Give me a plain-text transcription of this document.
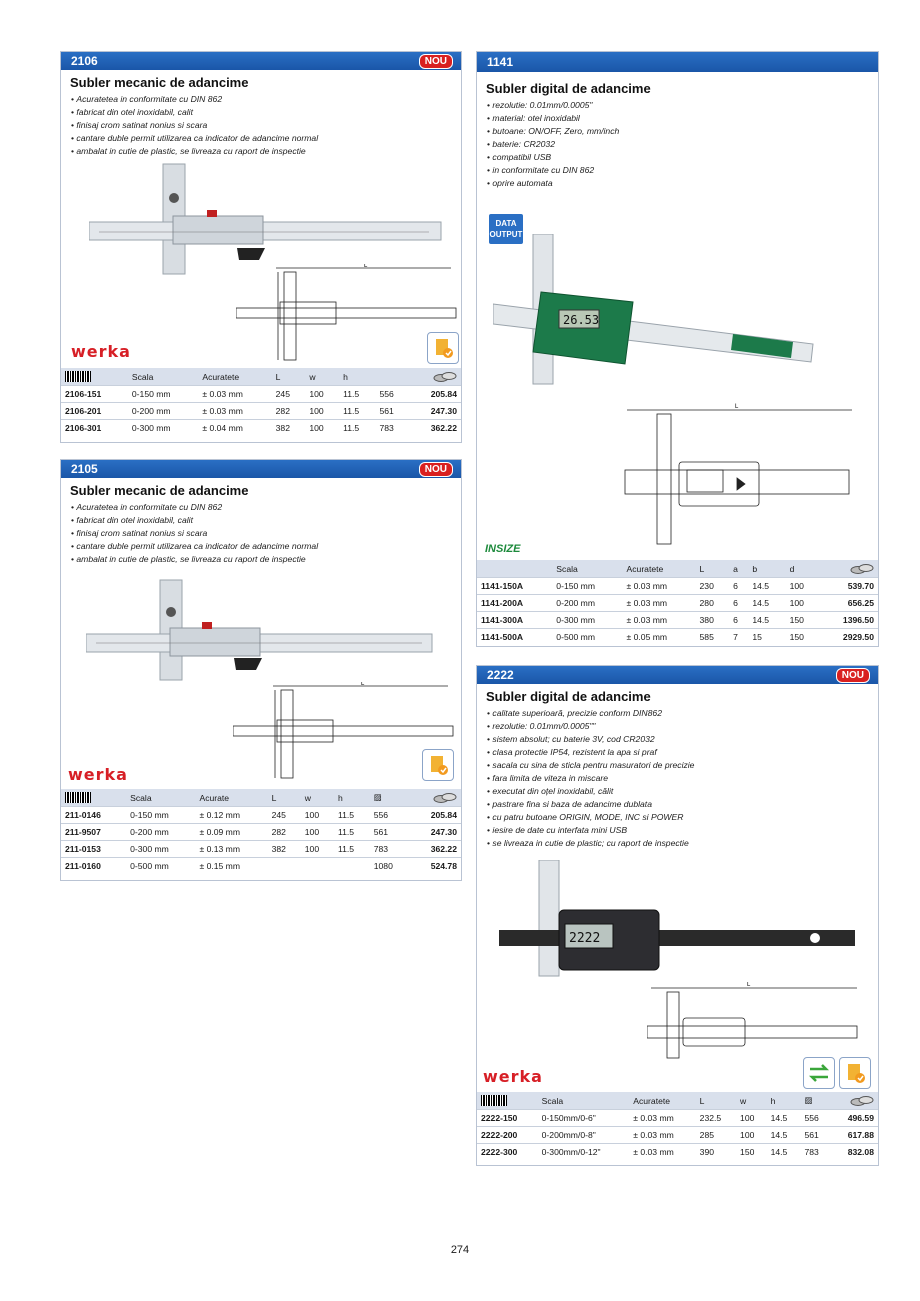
2106	NOU
Subler mecanic de adancime
• Acuratetea in conformitate cu DIN 862
• fabricat din otel inoxidabil, calit
• finisaj crom satinat nonius si scara
• cantare duble permit utilizarea ca indicator de adancime normal
• ambalat in cutie de plastic, se livreaza cu raport de inspectie
L
werka
	Scala	Acuratete	L	w	h		
2106-151	0-150 mm	± 0.03 mm	245	100	11.5	556	205.84
2106-201	0-200 mm	± 0.03 mm	282	100	11.5	561	247.30
2106-301	0-300 mm	± 0.04 mm	382	100	11.5	783	362.22
2105	NOU
Subler mecanic de adancime
• Acuratetea in conformitate cu DIN 862
• fabricat din otel inoxidabil, calit
• finisaj crom satinat nonius si scara
• cantare duble permit utilizarea ca indicator de adancime normal
• ambalat in cutie de plastic, se livreaza cu raport de inspectie
L
werka
	Scala	Acurate	L	w	h	▨	
211-0146	0-150 mm	± 0.12 mm	245	100	11.5	556	205.84
211-9507	0-200 mm	± 0.09 mm	282	100	11.5	561	247.30
211-0153	0-300 mm	± 0.13 mm	382	100	11.5	783	362.22
211-0160	0-500 mm	± 0.15 mm				1080	524.78
1141
Subler digital de adancime
• rezolutie: 0.01mm/0.0005"
• material: otel inoxidabil
• butoane: ON/OFF, Zero, mm/inch
• baterie: CR2032
• compatibil USB
• in conformitate cu DIN 862
• oprire automata
DATA OUTPUT
26.53
L
INSIZE
	Scala	Acuratete	L	a	b	d	
1141-150A	0-150 mm	± 0.03 mm	230	6	14.5	100	539.70
1141-200A	0-200 mm	± 0.03 mm	280	6	14.5	100	656.25
1141-300A	0-300 mm	± 0.03 mm	380	6	14.5	150	1396.50
1141-500A	0-500 mm	± 0.05 mm	585	7	15	150	2929.50
2222	NOU
Subler digital de adancime
• calitate superioară, precizie conform DIN862
• rezolutie: 0.01mm/0.0005""
• sistem absolut; cu baterie 3V, cod CR2032
• clasa protectie IP54, rezistent la apa si praf
• sacala cu sina de sticla pentru masuratori de precizie
• fara limita de viteza in miscare
• executat din oțel inoxidabil, călit
• pastrare fina si baza de adancime dublata
• cu patru butoane ORIGIN, MODE, INC si POWER
• iesire de date cu interfata mini USB
• se livreaza in cutie de plastic; cu raport de inspectie
2222
L
werka
	Scala	Acuratete	L	w	h	▨	
2222-150	0-150mm/0-6"	± 0.03 mm	232.5	100	14.5	556	496.59
2222-200	0-200mm/0-8"	± 0.03 mm	285	100	14.5	561	617.88
2222-300	0-300mm/0-12"	± 0.03 mm	390	150	14.5	783	832.08
274
